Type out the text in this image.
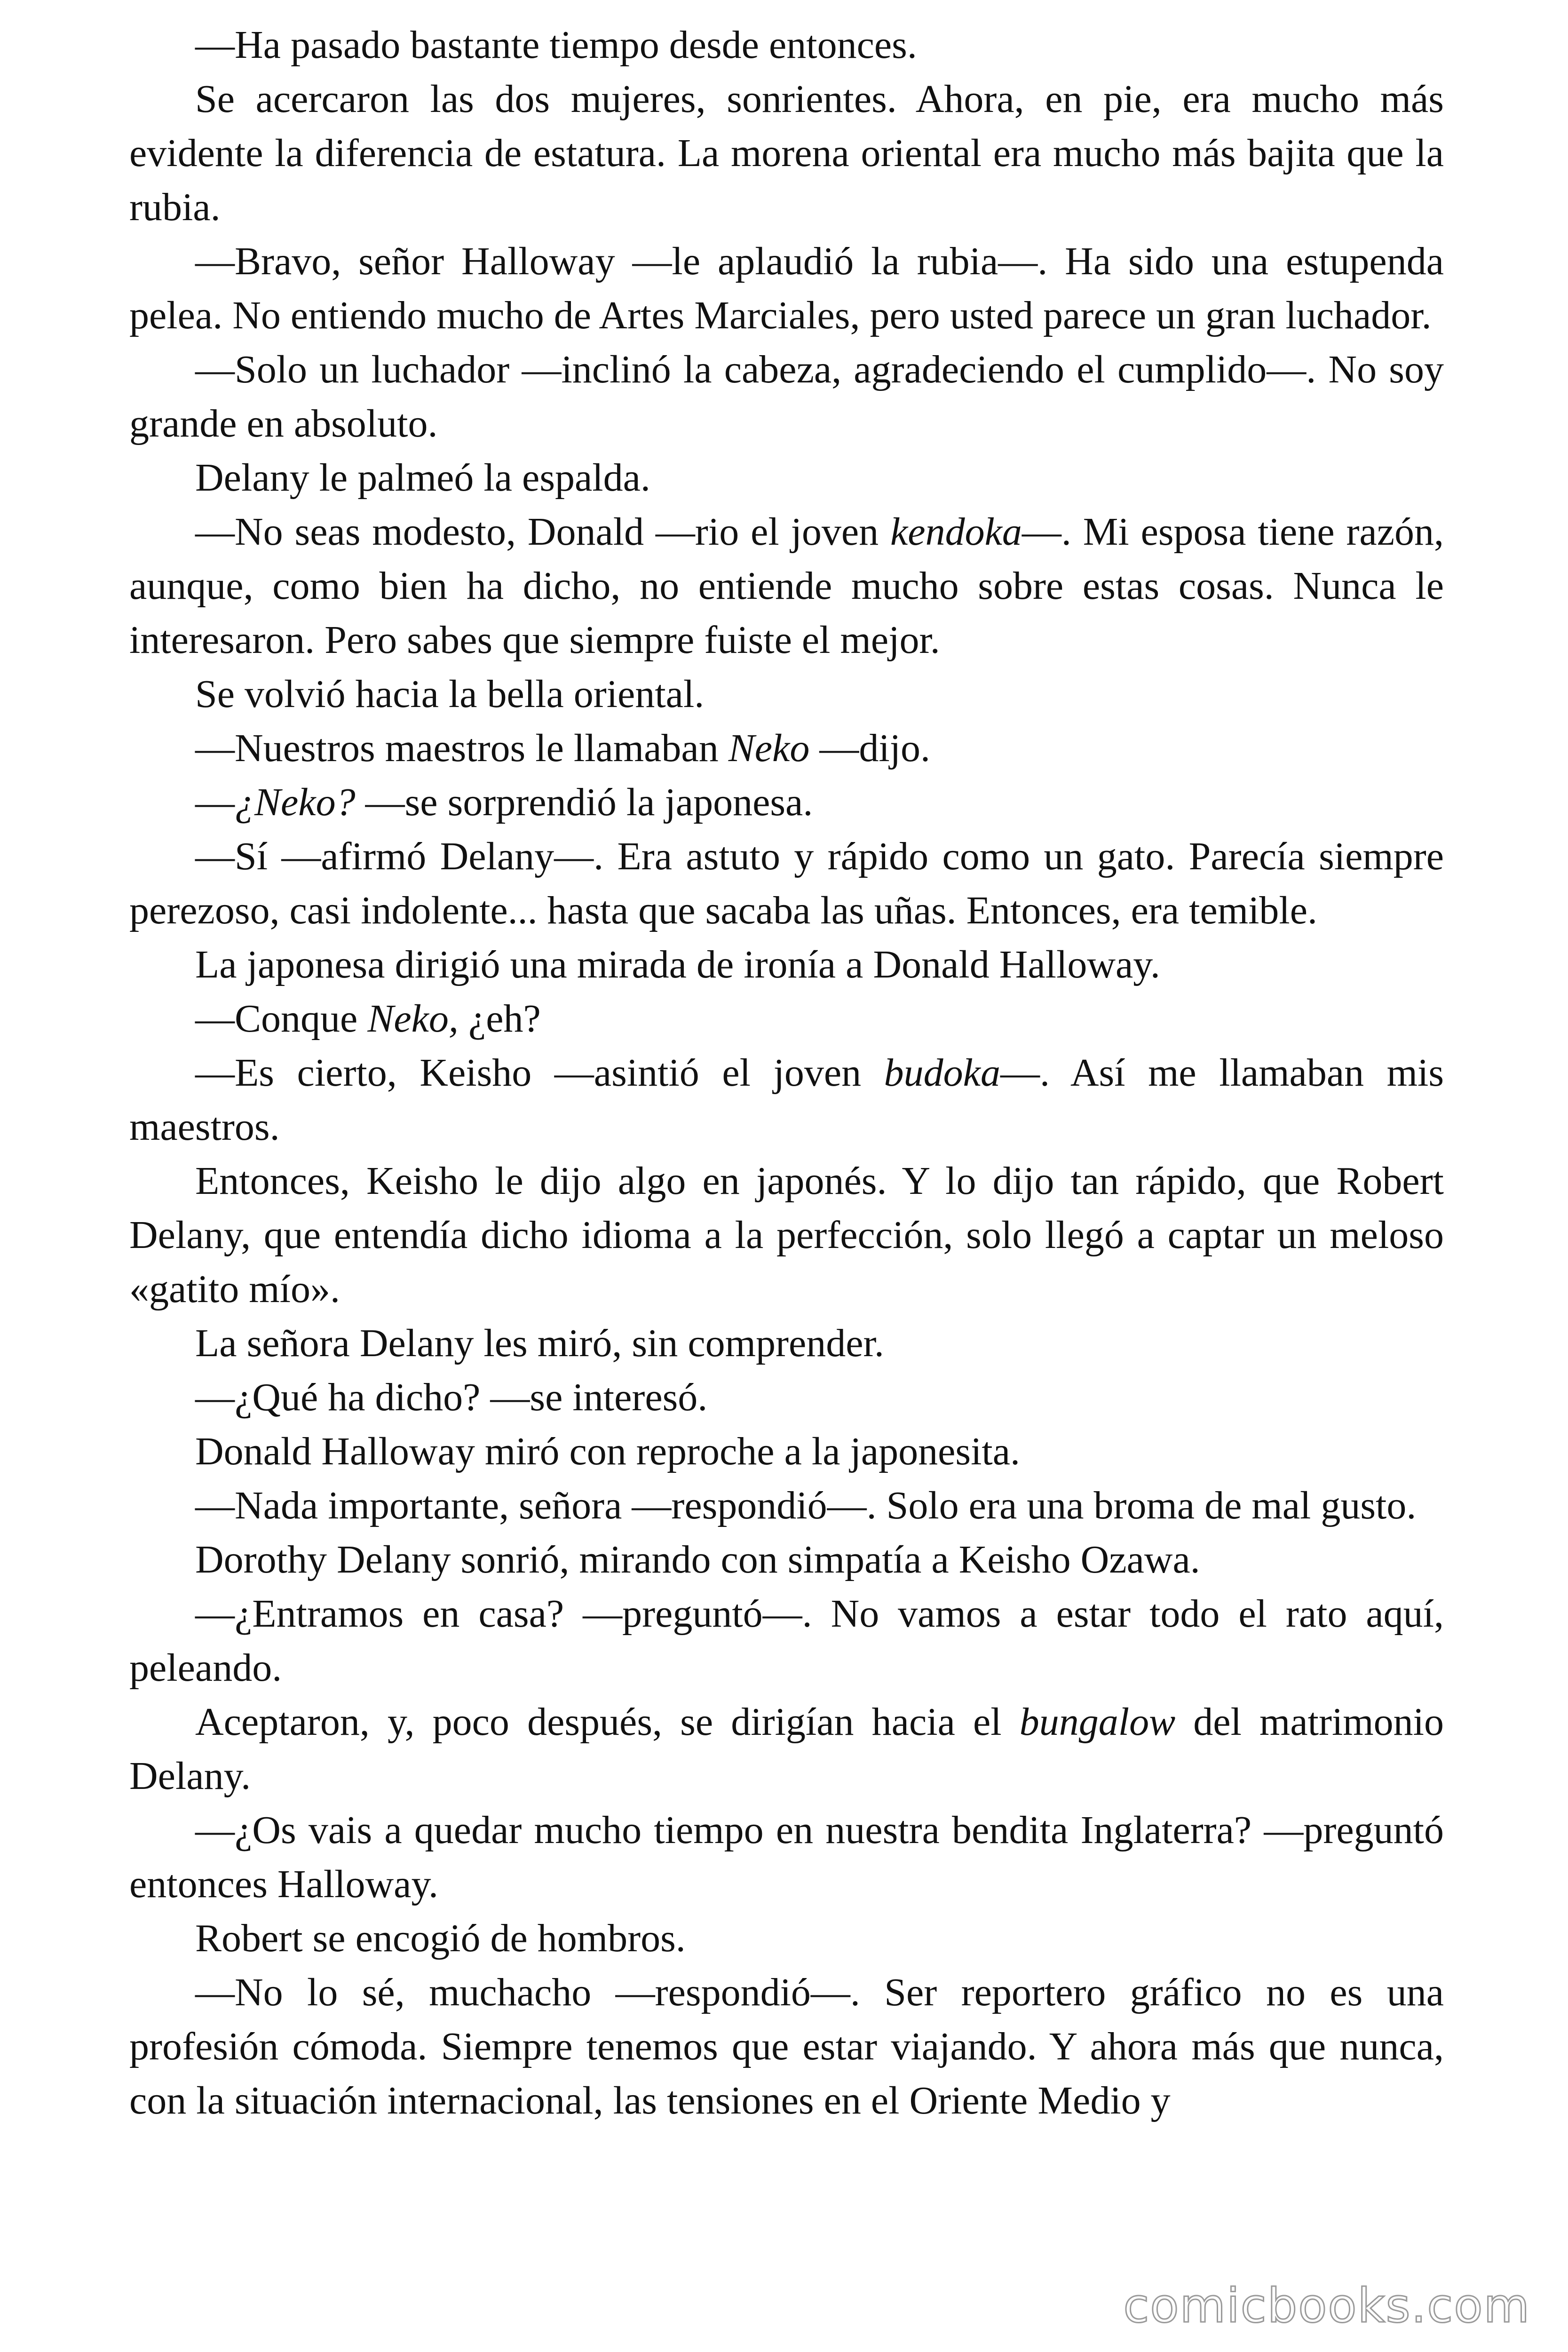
—Ha pasado bastante tiempo desde entonces.

Se acercaron las dos mujeres, sonrientes. Ahora, en pie, era mucho más evidente la diferencia de estatura. La morena oriental era mucho más bajita que la rubia.

—Bravo, señor Halloway —le aplaudió la rubia—. Ha sido una estupenda pelea. No entiendo mucho de Artes Marciales, pero usted parece un gran luchador.

—Solo un luchador —inclinó la cabeza, agradeciendo el cumplido—. No soy grande en absoluto.

Delany le palmeó la espalda.

—No seas modesto, Donald —rio el joven kendoka—. Mi esposa tiene razón, aunque, como bien ha dicho, no entiende mucho sobre estas cosas. Nunca le interesaron. Pero sabes que siempre fuiste el mejor.

Se volvió hacia la bella oriental.

—Nuestros maestros le llamaban Neko —dijo.

—¿Neko? —se sorprendió la japonesa.

—Sí —afirmó Delany—. Era astuto y rápido como un gato. Parecía siempre perezoso, casi indolente... hasta que sacaba las uñas. Entonces, era temible.

La japonesa dirigió una mirada de ironía a Donald Halloway.

—Conque Neko, ¿eh?

—Es cierto, Keisho —asintió el joven budoka—. Así me llamaban mis maestros.

Entonces, Keisho le dijo algo en japonés. Y lo dijo tan rápido, que Robert Delany, que entendía dicho idioma a la perfección, solo llegó a captar un meloso «gatito mío».

La señora Delany les miró, sin comprender.

—¿Qué ha dicho? —se interesó.

Donald Halloway miró con reproche a la japonesita.

—Nada importante, señora —respondió—. Solo era una broma de mal gusto.

Dorothy Delany sonrió, mirando con simpatía a Keisho Ozawa.

—¿Entramos en casa? —preguntó—. No vamos a estar todo el rato aquí, peleando.

Aceptaron, y, poco después, se dirigían hacia el bungalow del matrimonio Delany.

—¿Os vais a quedar mucho tiempo en nuestra bendita Inglaterra? —preguntó entonces Halloway.

Robert se encogió de hombros.

—No lo sé, muchacho —respondió—. Ser reportero gráfico no es una profesión cómoda. Siempre tenemos que estar viajando. Y ahora más que nunca, con la situación internacional, las tensiones en el Oriente Medio y

comicbooks.com
